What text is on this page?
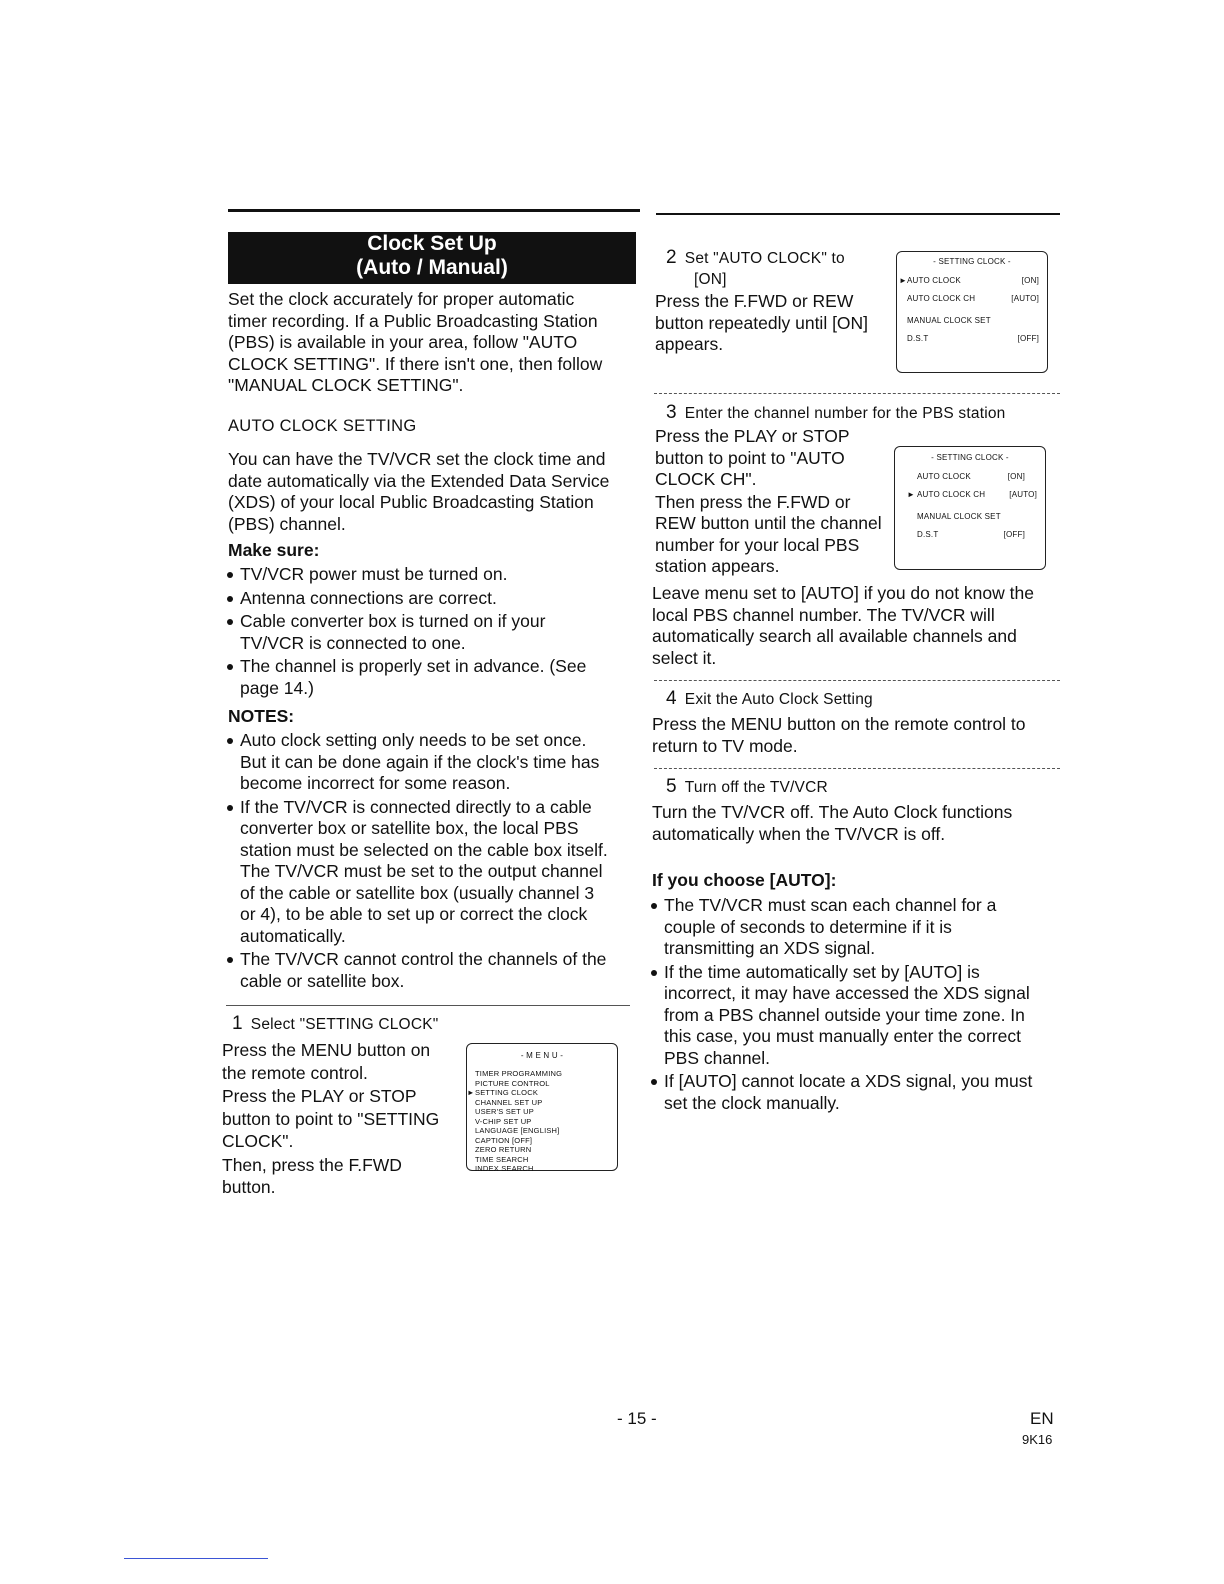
Clock Set Up
(Auto / Manual)
Set the clock accurately for proper automatic
timer recording. If a Public Broadcasting Station
(PBS) is available in your area, follow "AUTO
CLOCK SETTING". If there isn't one, then follow
"MANUAL CLOCK SETTING".
AUTO CLOCK SETTING
You can have the TV/VCR set the clock time and
date automatically via the Extended Data Service
(XDS) of your local Public Broadcasting Station
(PBS) channel.
Make sure:
TV/VCR power must be turned on.
Antenna connections are correct.
Cable converter box is turned on if your
TV/VCR is connected to one.
The channel is properly set in advance. (See
page 14.)
NOTES:
Auto clock setting only needs to be set once.
But it can be done again if the clock's time has
become incorrect for some reason.
If the TV/VCR is connected directly to a cable
converter box or satellite box, the local PBS
station must be selected on the cable box itself.
The TV/VCR must be set to the output channel
of the cable or satellite box (usually channel 3
or 4), to be able to set up or correct the clock
automatically.
The TV/VCR cannot control the channels of the
cable or satellite box.
1 Select "SETTING CLOCK"
Press the MENU button on
the remote control.
Press the PLAY or STOP
button to point to "SETTING
CLOCK".
Then, press the F.FWD
button.
- M E N U -
TIMER PROGRAMMING
PICTURE CONTROL
► SETTING CLOCK
CHANNEL SET UP
USER'S SET UP
V-CHIP SET UP
LANGUAGE [ENGLISH]
CAPTION [OFF]
ZERO RETURN
TIME SEARCH
INDEX SEARCH
2 Set "AUTO CLOCK" to
[ON]
Press the F.FWD or REW
button repeatedly until [ON]
appears.
- SETTING CLOCK -
► AUTO CLOCK	[ON]
AUTO CLOCK CH	[AUTO]
MANUAL CLOCK SET
D.S.T	[OFF]
3 Enter the channel number for the PBS station
Press the PLAY or STOP
button to point to "AUTO
CLOCK CH".
Then press the F.FWD or
REW button until the channel
number for your local PBS
station appears.
Leave menu set to [AUTO] if you do not know the
local PBS channel number. The TV/VCR will
automatically search all available channels and
select it.
- SETTING CLOCK -
AUTO CLOCK	[ON]
► AUTO CLOCK CH	[AUTO]
MANUAL CLOCK SET
D.S.T	[OFF]
4 Exit the Auto Clock Setting
Press the MENU button on the remote control to
return to TV mode.
5 Turn off the TV/VCR
Turn the TV/VCR off. The Auto Clock functions
automatically when the TV/VCR is off.
If you choose [AUTO]:
The TV/VCR must scan each channel for a
couple of seconds to determine if it is
transmitting an XDS signal.
If the time automatically set by [AUTO] is
incorrect, it may have accessed the XDS signal
from a PBS channel outside your time zone. In
this case, you must manually enter the correct
PBS channel.
If [AUTO] cannot locate a XDS signal, you must
set the clock manually.
- 15 -	EN
9K16
